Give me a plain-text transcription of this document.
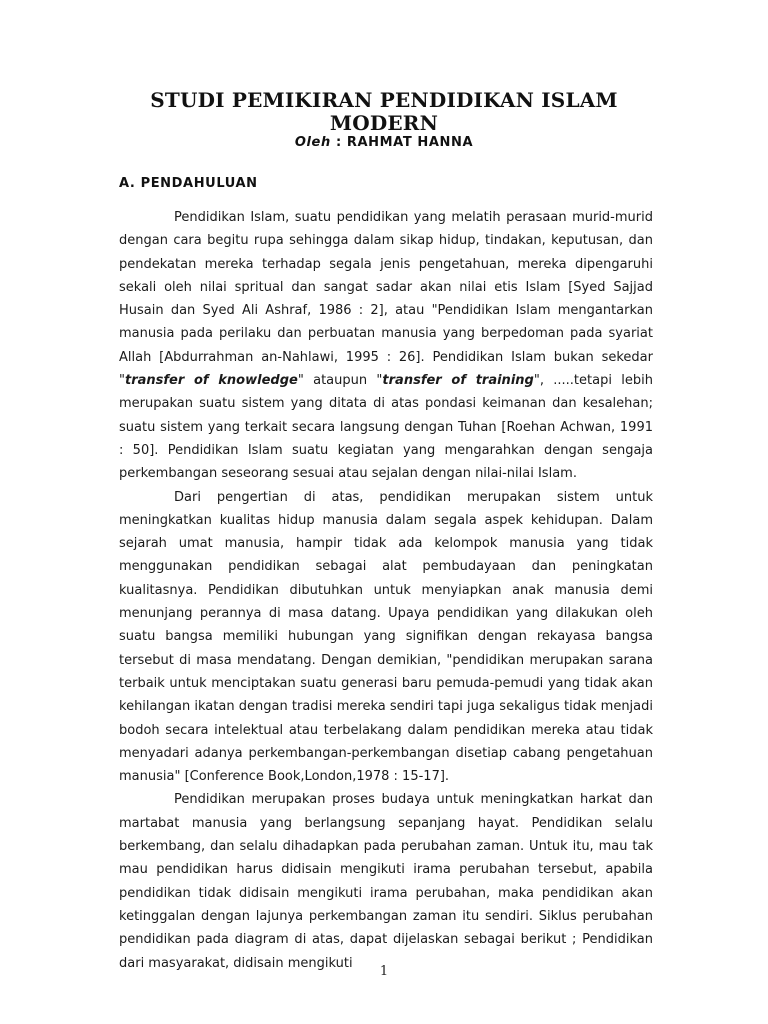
STUDI PEMIKIRAN PENDIDIKAN ISLAM
MODERN
Oleh : RAHMAT HANNA
A. PENDAHULUAN

Pendidikan Islam, suatu pendidikan yang melatih perasaan murid-murid dengan cara begitu rupa sehingga dalam sikap hidup, tindakan, keputusan, dan pendekatan mereka terhadap segala jenis pengetahuan, mereka dipengaruhi sekali oleh nilai spritual dan sangat sadar akan nilai etis Islam [Syed Sajjad Husain dan Syed Ali Ashraf, 1986 : 2], atau "Pendidikan Islam mengantarkan manusia pada perilaku dan perbuatan manusia yang berpedoman pada syariat Allah [Abdurrahman an-Nahlawi, 1995 : 26]. Pendidikan Islam bukan sekedar "transfer of knowledge" ataupun "transfer of training", .....tetapi lebih merupakan suatu sistem yang ditata di atas pondasi keimanan dan kesalehan; suatu sistem yang terkait secara langsung dengan Tuhan [Roehan Achwan, 1991 : 50]. Pendidikan Islam suatu kegiatan yang mengarahkan dengan sengaja perkembangan seseorang sesuai atau sejalan dengan nilai-nilai Islam.

Dari pengertian di atas, pendidikan merupakan sistem untuk meningkatkan kualitas hidup manusia dalam segala aspek kehidupan. Dalam sejarah umat manusia, hampir tidak ada kelompok manusia yang tidak menggunakan pendidikan sebagai alat pembudayaan dan peningkatan kualitasnya. Pendidikan dibutuhkan untuk menyiapkan anak manusia demi menunjang perannya di masa datang. Upaya pendidikan yang dilakukan oleh suatu bangsa memiliki hubungan yang signifikan dengan rekayasa bangsa tersebut di masa mendatang. Dengan demikian, "pendidikan merupakan sarana terbaik untuk menciptakan suatu generasi baru pemuda-pemudi yang tidak akan kehilangan ikatan dengan tradisi mereka sendiri tapi juga sekaligus tidak menjadi bodoh secara intelektual atau terbelakang dalam pendidikan mereka atau tidak menyadari adanya perkembangan-perkembangan disetiap cabang pengetahuan manusia" [Conference Book,London,1978 : 15-17].

Pendidikan merupakan proses budaya untuk meningkatkan harkat dan martabat manusia yang berlangsung sepanjang hayat. Pendidikan selalu berkembang, dan selalu dihadapkan pada perubahan zaman. Untuk itu, mau tak mau pendidikan harus didisain mengikuti irama perubahan tersebut, apabila pendidikan tidak didisain mengikuti irama perubahan, maka pendidikan akan ketinggalan dengan lajunya perkembangan zaman itu sendiri. Siklus perubahan pendidikan pada diagram di atas, dapat dijelaskan sebagai berikut ; Pendidikan dari masyarakat, didisain mengikuti

1
